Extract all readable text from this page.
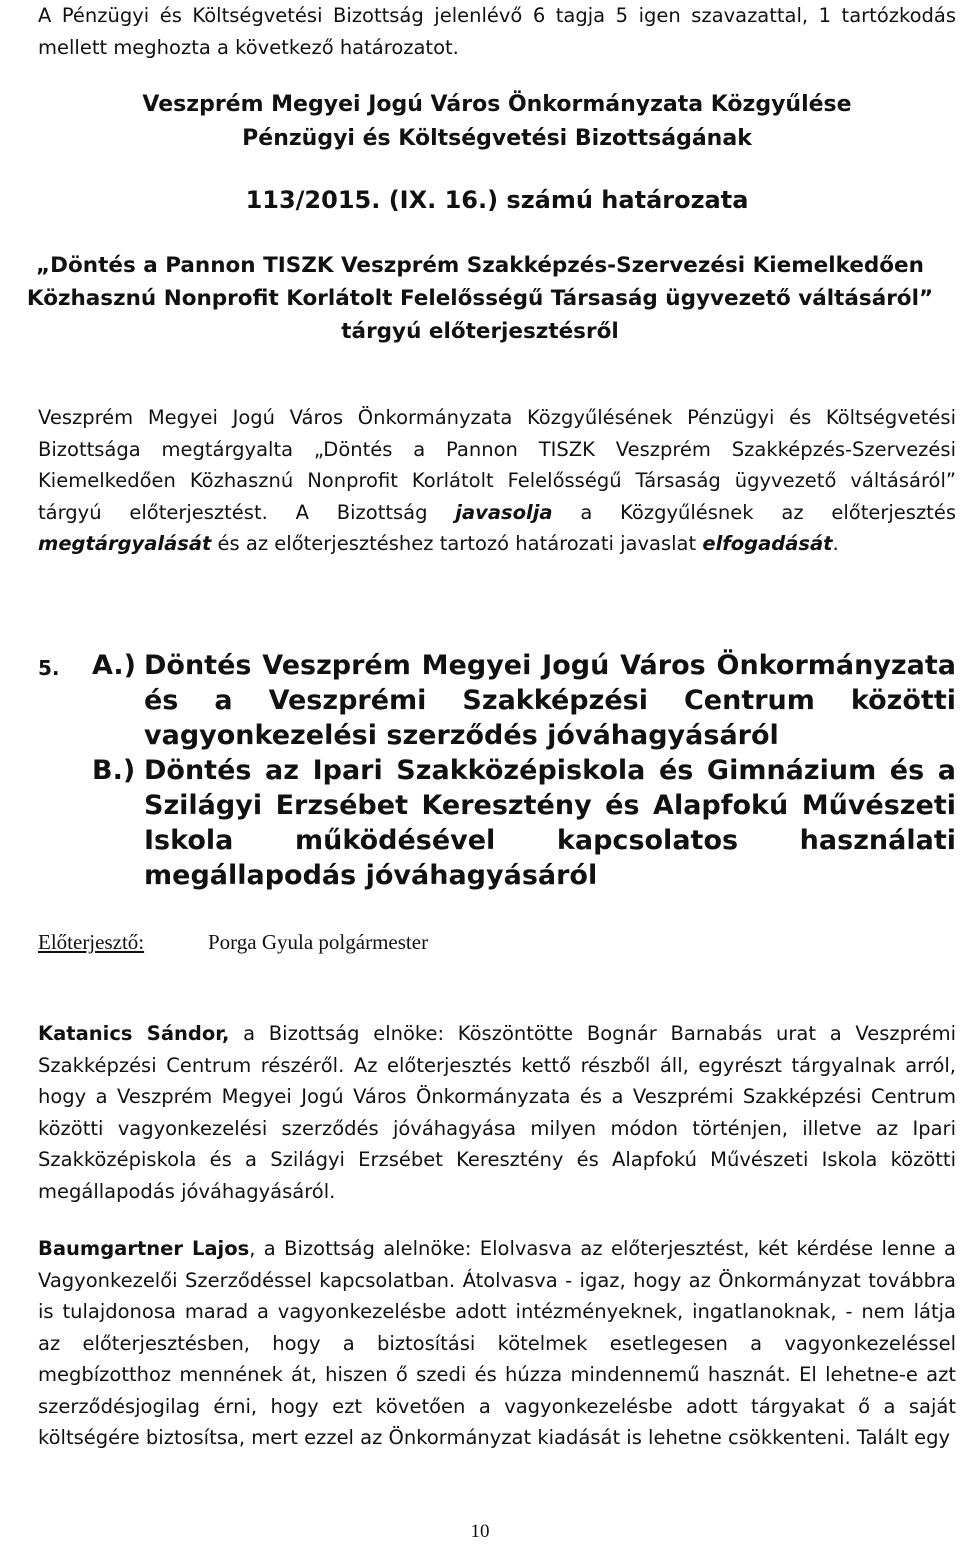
A Pénzügyi és Költségvetési Bizottság jelenlévő 6 tagja 5 igen szavazattal, 1 tartózkodás mellett meghozta a következő határozatot.

Veszprém Megyei Jogú Város Önkormányzata Közgyűlése

Pénzügyi és Költségvetési Bizottságának

113/2015. (IX. 16.) számú határozata

„Döntés a Pannon TISZK Veszprém Szakképzés-Szervezési Kiemelkedően Közhasznú Nonprofit Korlátolt Felelősségű Társaság ügyvezető váltásáról” tárgyú előterjesztésről

Veszprém Megyei Jogú Város Önkormányzata Közgyűlésének Pénzügyi és Költségvetési Bizottsága megtárgyalta „Döntés a Pannon TISZK Veszprém Szakképzés-Szervezési Kiemelkedően Közhasznú Nonprofit Korlátolt Felelősségű Társaság ügyvezető váltásáról” tárgyú előterjesztést. A Bizottság javasolja a Közgyűlésnek az előterjesztés megtárgyalását és az előterjesztéshez tartozó határozati javaslat elfogadását.

5.	A.) Döntés Veszprém Megyei Jogú Város Önkormányzata és a Veszprémi Szakképzési Centrum közötti vagyonkezelési szerződés jóváhagyásáról
B.) Döntés az Ipari Szakközépiskola és Gimnázium és a Szilágyi Erzsébet Keresztény és Alapfokú Művészeti Iskola működésével kapcsolatos használati megállapodás jóváhagyásáról
Előterjesztő:	Porga Gyula polgármester

Katanics Sándor, a Bizottság elnöke: Köszöntötte Bognár Barnabás urat a Veszprémi Szakképzési Centrum részéről. Az előterjesztés kettő részből áll, egyrészt tárgyalnak arról, hogy a Veszprém Megyei Jogú Város Önkormányzata és a Veszprémi Szakképzési Centrum közötti vagyonkezelési szerződés jóváhagyása milyen módon történjen, illetve az Ipari Szakközépiskola és a Szilágyi Erzsébet Keresztény és Alapfokú Művészeti Iskola közötti megállapodás jóváhagyásáról.

Baumgartner Lajos, a Bizottság alelnöke: Elolvasva az előterjesztést, két kérdése lenne a Vagyonkezelői Szerződéssel kapcsolatban. Átolvasva - igaz, hogy az Önkormányzat továbbra is tulajdonosa marad a vagyonkezelésbe adott intézményeknek, ingatlanoknak, - nem látja az előterjesztésben, hogy a biztosítási kötelmek esetlegesen a vagyonkezeléssel megbízotthoz mennének át, hiszen ő szedi és húzza mindennemű hasznát. El lehetne-e azt szerződésjogilag érni, hogy ezt követően a vagyonkezelésbe adott tárgyakat ő a saját költségére biztosítsa, mert ezzel az Önkormányzat kiadását is lehetne csökkenteni. Talált egy

10
